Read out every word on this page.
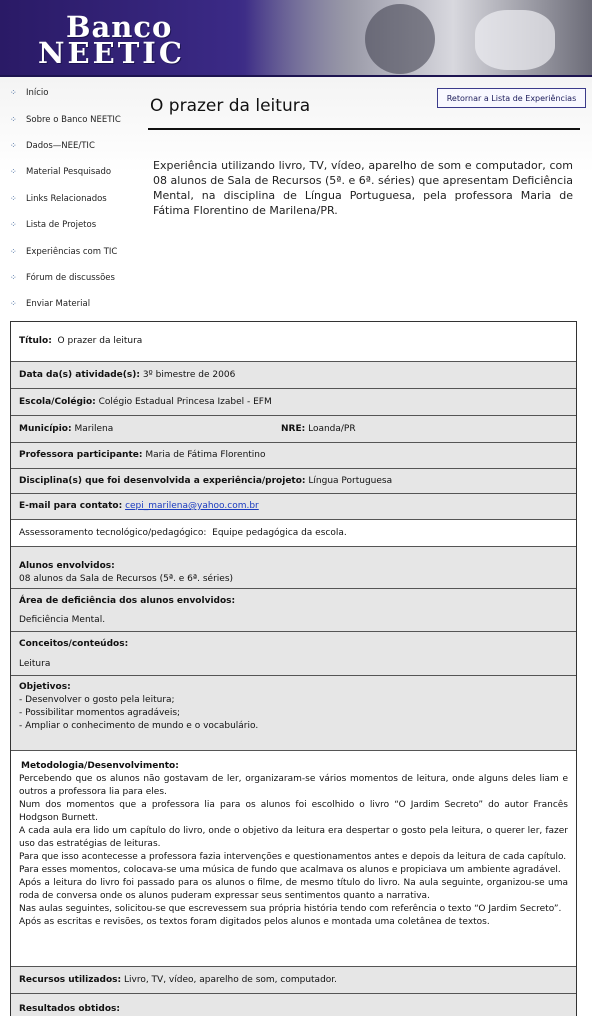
Banco
NEETIC
⁘	Início
⁘	Sobre o Banco NEETIC
⁘	Dados—NEE/TIC
⁘	Material Pesquisado
⁘	Links Relacionados
⁘	Lista de Projetos
⁘	Experiências com TIC
⁘	Fórum de discussões
⁘	Enviar Material
Retornar a Lista de Experiências
O prazer da leitura
Experiência utilizando livro, TV, vídeo, aparelho de som e computador, com 08 alunos de Sala de Recursos (5ª. e 6ª. séries) que apresentam Deficiência Mental, na disciplina de Língua Portuguesa, pela professora Maria de Fátima Florentino de Marilena/PR.
Título:
O prazer da leitura
Data da(s) atividade(s):
3º bimestre de 2006
Escola/Colégio:
Colégio Estadual Princesa Izabel - EFM
Município:
Marilena	NRE: Loanda/PR
Professora participante:
Maria de Fátima Florentino
Disciplina(s) que foi desenvolvida a experiência/projeto:
Língua Portuguesa
E-mail para contato:
cepi_marilena@yahoo.com.br
Assessoramento tecnológico/pedagógico:
Equipe pedagógica da escola.

Alunos envolvidos:

08 alunos da Sala de Recursos (5ª. e 6ª. séries)

Área de deficiência dos alunos envolvidos:

Deficiência Mental.

Conceitos/conteúdos:

Leitura

Objetivos:

- Desenvolver o gosto pela leitura;

- Possibilitar momentos agradáveis;

- Ampliar o conhecimento de mundo e o vocabulário.

Metodologia/Desenvolvimento:

Percebendo que os alunos não gostavam de ler, organizaram-se vários momentos de leitura, onde alguns deles liam e outros a professora lia para eles.

Num dos momentos que a professora lia para os alunos foi escolhido o livro “O Jardim Secreto” do autor Francês Hodgson Burnett.

A cada aula era lido um capítulo do livro, onde o objetivo da leitura era despertar o gosto pela leitura, o querer ler, fazer uso das estratégias de leituras.

Para que isso acontecesse a professora fazia intervenções e questionamentos antes e depois da leitura de cada capítulo.

Para esses momentos, colocava-se uma música de fundo que acalmava os alunos e propiciava um ambiente agradável.

Após a leitura do livro foi passado para os alunos o filme, de mesmo título do livro. Na aula seguinte, organizou-se uma roda de conversa onde os alunos puderam expressar seus sentimentos quanto a narrativa.

Nas aulas seguintes, solicitou-se que escrevessem sua própria história tendo com referência o texto “O Jardim Secreto”.

Após as escritas e revisões, os textos foram digitados pelos alunos e montada uma coletânea de textos.

Recursos utilizados:
Livro, TV, vídeo, aparelho de som, computador.
Resultados obtidos:
